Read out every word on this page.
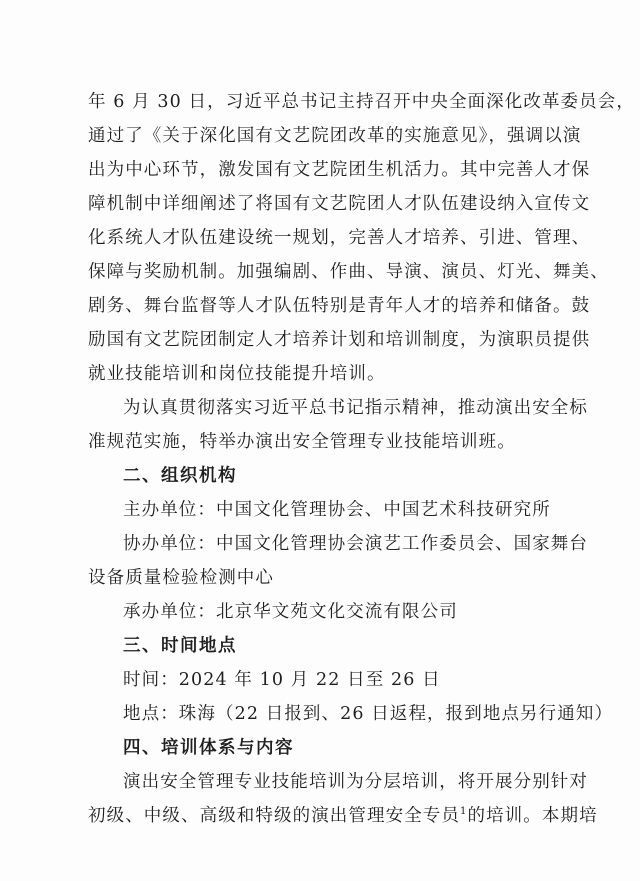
年 6 月 30 日，习近平总书记主持召开中央全面深化改革委员会，
通过了《关于深化国有文艺院团改革的实施意见》，强调以演
出为中心环节，激发国有文艺院团生机活力。其中完善人才保
障机制中详细阐述了将国有文艺院团人才队伍建设纳入宣传文
化系统人才队伍建设统一规划，完善人才培养、引进、管理、
保障与奖励机制。加强编剧、作曲、导演、演员、灯光、舞美、
剧务、舞台监督等人才队伍特别是青年人才的培养和储备。鼓
励国有文艺院团制定人才培养计划和培训制度，为演职员提供
就业技能培训和岗位技能提升培训。
为认真贯彻落实习近平总书记指示精神，推动演出安全标
准规范实施，特举办演出安全管理专业技能培训班。
二、组织机构
主办单位：中国文化管理协会、中国艺术科技研究所
协办单位：中国文化管理协会演艺工作委员会、国家舞台
设备质量检验检测中心
承办单位：北京华文苑文化交流有限公司
三、时间地点
时间：2024 年 10 月 22 日至 26 日
地点：珠海（22 日报到、26 日返程，报到地点另行通知）
四、培训体系与内容
演出安全管理专业技能培训为分层培训，将开展分别针对
初级、中级、高级和特级的演出管理安全专员$^1$的培训。本期培
